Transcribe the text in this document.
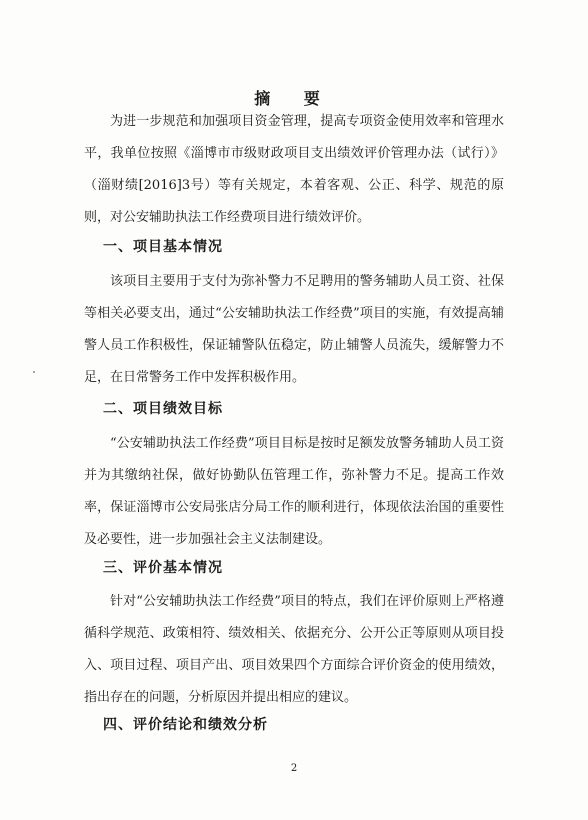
摘 要
为进一步规范和加强项目资金管理，提高专项资金使用效率和管理水平，我单位按照《淄博市市级财政项目支出绩效评价管理办法（试行）》（淄财绩[2016]3号）等有关规定，本着客观、公正、科学、规范的原则，对公安辅助执法工作经费项目进行绩效评价。
一、项目基本情况
该项目主要用于支付为弥补警力不足聘用的警务辅助人员工资、社保等相关必要支出，通过“公安辅助执法工作经费”项目的实施，有效提高辅警人员工作积极性，保证辅警队伍稳定，防止辅警人员流失，缓解警力不足，在日常警务工作中发挥积极作用。
二、项目绩效目标
“公安辅助执法工作经费”项目目标是按时足额发放警务辅助人员工资并为其缴纳社保，做好协勤队伍管理工作，弥补警力不足。提高工作效率，保证淄博市公安局张店分局工作的顺利进行，体现依法治国的重要性及必要性，进一步加强社会主义法制建设。
三、评价基本情况
针对“公安辅助执法工作经费”项目的特点，我们在评价原则上严格遵循科学规范、政策相符、绩效相关、依据充分、公开公正等原则从项目投入、项目过程、项目产出、项目效果四个方面综合评价资金的使用绩效，指出存在的问题，分析原因并提出相应的建议。
四、评价结论和绩效分析
2
